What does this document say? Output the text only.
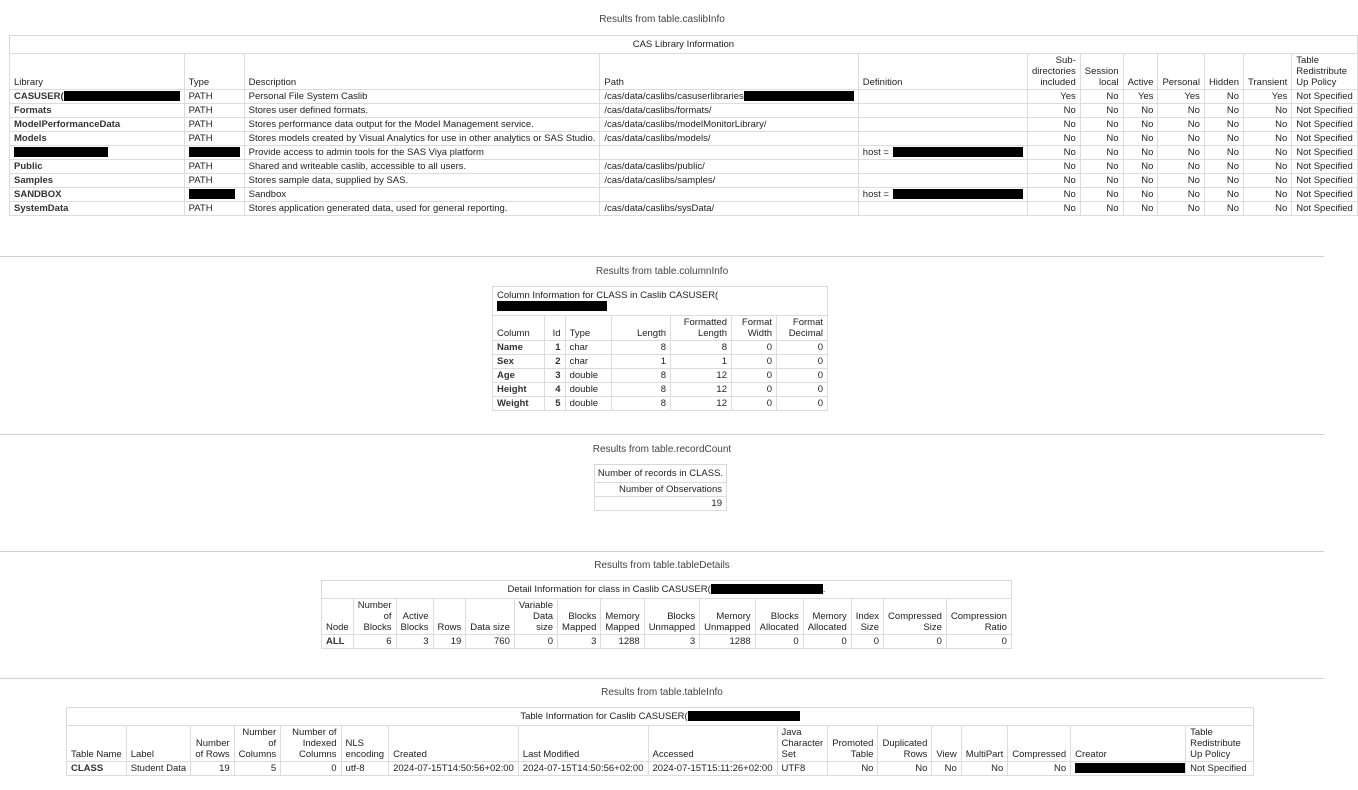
Results from table.caslibInfo
CAS Library Information
Library	Type	Description	Path	Definition	Sub-directories included	Session local	Active	Personal	Hidden	Transient	Table Redistribute Up Policy
CASUSER(	PATH	Personal File System Caslib	/cas/data/caslibs/casuserlibraries		Yes	No	Yes	Yes	No	Yes	Not Specified
Formats	PATH	Stores user defined formats.	/cas/data/caslibs/formats/		No	No	No	No	No	No	Not Specified
ModelPerformanceData	PATH	Stores performance data output for the Model Management service.	/cas/data/caslibs/modelMonitorLibrary/		No	No	No	No	No	No	Not Specified
Models	PATH	Stores models created by Visual Analytics for use in other analytics or SAS Studio.	/cas/data/caslibs/models/		No	No	No	No	No	No	Not Specified
		Provide access to admin tools for the SAS Viya platform		host =	No	No	No	No	No	No	Not Specified
Public	PATH	Shared and writeable caslib, accessible to all users.	/cas/data/caslibs/public/		No	No	No	No	No	No	Not Specified
Samples	PATH	Stores sample data, supplied by SAS.	/cas/data/caslibs/samples/		No	No	No	No	No	No	Not Specified
SANDBOX		Sandbox		host =	No	No	No	No	No	No	Not Specified
SystemData	PATH	Stores application generated data, used for general reporting.	/cas/data/caslibs/sysData/		No	No	No	No	No	No	Not Specified
Results from table.columnInfo
Column Information for CLASS in Caslib CASUSER(
Column	Id	Type	Length	Formatted Length	Format Width	Format Decimal
Name	1	char	8	8	0	0
Sex	2	char	1	1	0	0
Age	3	double	8	12	0	0
Height	4	double	8	12	0	0
Weight	5	double	8	12	0	0
Results from table.recordCount
Number of records in CLASS.
Number of Observations
19
Results from table.tableDetails
Detail Information for class in Caslib CASUSER(	.
Node	Number of Blocks	Active Blocks	Rows	Data size	Variable Data size	Blocks Mapped	Memory Mapped	Blocks Unmapped	Memory Unmapped	Blocks Allocated	Memory Allocated	Index Size	Compressed Size	Compression Ratio
ALL	6	3	19	760	0	3	1288	3	1288	0	0	0	0	0
Results from table.tableInfo
Table Information for Caslib CASUSER(
Table Name	Label	Number of Rows	Number of Columns	Number of Indexed Columns	NLS encoding	Created	Last Modified	Accessed	Java Character Set	Promoted Table	Duplicated Rows	View	MultiPart	Compressed	Creator	Table Redistribute Up Policy
CLASS	Student Data	19	5	0	utf-8	2024-07-15T14:50:56+02:00	2024-07-15T14:50:56+02:00	2024-07-15T15:11:26+02:00	UTF8	No	No	No	No	No		Not Specified
